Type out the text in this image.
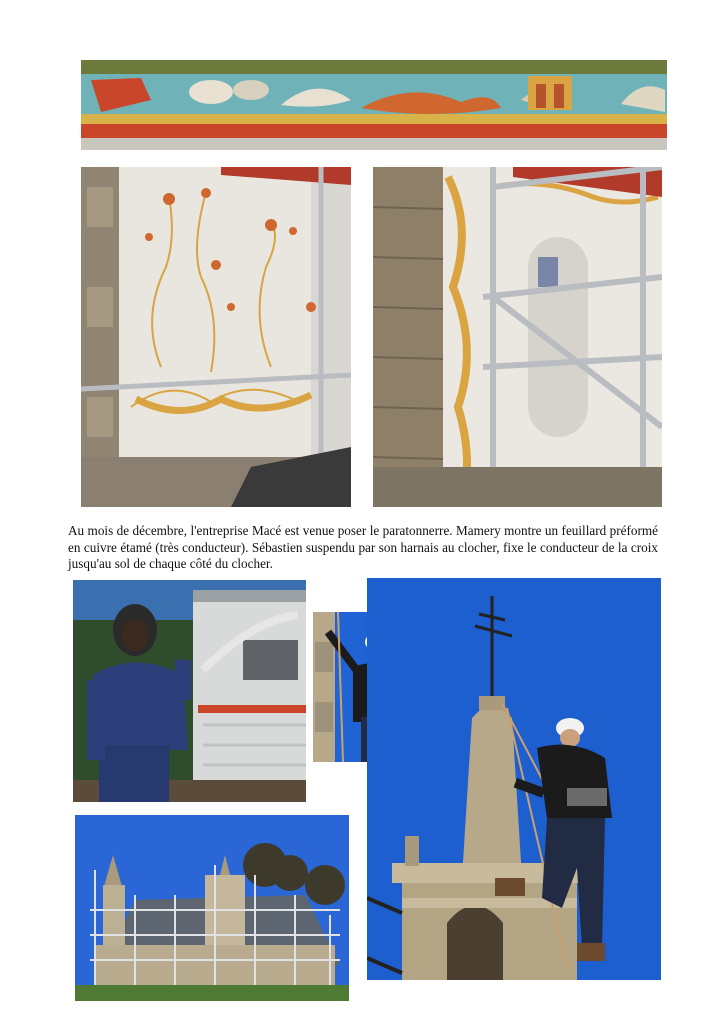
Au mois de décembre, l'entreprise Macé est venue poser le paratonnerre. Mamery montre un feuillard préformé en cuivre étamé (très conducteur). Sébastien suspendu par son harnais au clocher, fixe le conducteur de la croix jusqu'au sol de chaque côté du clocher.
